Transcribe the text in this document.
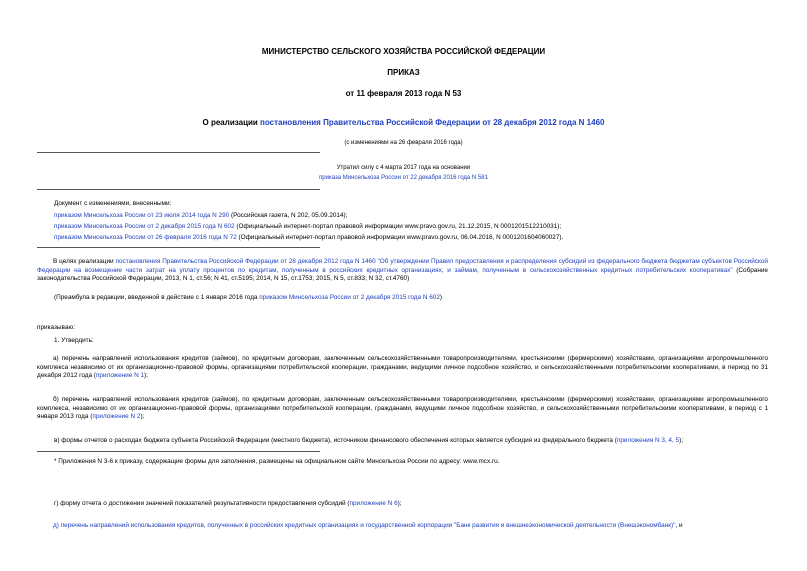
МИНИСТЕРСТВО СЕЛЬСКОГО ХОЗЯЙСТВА РОССИЙСКОЙ ФЕДЕРАЦИИ
ПРИКАЗ
от 11 февраля 2013 года N 53
О реализации постановления Правительства Российской Федерации от 28 декабря 2012 года N 1460
(с изменениями на 26 февраля 2016 года)
Утратил силу с 4 марта 2017 года на основании
приказа Минсельхоза России от 22 декабря 2016 года N 581
Документ с изменениями, внесенными:
приказом Минсельхоза России от 23 июля 2014 года N 290 (Российская газета, N 202, 05.09.2014);
приказом Минсельхоза России от 2 декабря 2015 года N 602 (Официальный интернет-портал правовой информации www.pravo.gov.ru, 21.12.2015, N 0001201512210031);
приказом Минсельхоза России от 26 февраля 2016 года N 72 (Официальный интернет-портал правовой информации www.pravo.gov.ru, 06.04.2016, N 0001201604060027).
В целях реализации постановления Правительства Российской Федерации от 28 декабря 2012 года N 1460 "Об утверждении Правил предоставления и распределения субсидий из федерального бюджета бюджетам субъектов Российской Федерации на возмещение части затрат на уплату процентов по кредитам, полученным в российских кредитных организациях, и займам, полученным в сельскохозяйственных кредитных потребительских кооперативах" (Собрание законодательства Российской Федерации, 2013, N 1, ст.56; N 41, ст.5195; 2014, N 15, ст.1753; 2015, N 5, ст.833; N 32, ст.4760)
(Преамбула в редакции, введенной в действие с 1 января 2016 года приказом Минсельхоза России от 2 декабря 2015 года N 602)
приказываю:
1. Утвердить:
а) перечень направлений использования кредитов (займов), по кредитным договорам, заключенным сельскохозяйственными товаропроизводителями, крестьянскими (фермерскими) хозяйствами, организациями агропромышленного комплекса независимо от их организационно-правовой формы, организациями потребительской кооперации, гражданами, ведущими личное подсобное хозяйство, и сельскохозяйственными потребительскими кооперативами, в период по 31 декабря 2012 года (приложение N 1);
б) перечень направлений использования кредитов (займов), по кредитным договорам, заключенным сельскохозяйственными товаропроизводителями, крестьянскими (фермерскими) хозяйствами, организациями агропромышленного комплекса, независимо от их организационно-правовой формы, организациями потребительской кооперации, гражданами, ведущими личное подсобное хозяйство, и сельскохозяйственными потребительскими кооперативами, в период с 1 января 2013 года (приложение N 2);
в) формы отчетов о расходах бюджета субъекта Российской Федерации (местного бюджета), источником финансового обеспечения которых является субсидия из федерального бюджета (приложения N 3, 4, 5);
* Приложения N 3-6 к приказу, содержащие формы для заполнения, размещены на официальном сайте Минсельхоза России по адресу: www.mcx.ru.
г) форму отчета о достижении значений показателей результативности предоставления субсидий (приложение N 6);
д) перечень направлений использования кредитов, полученных в российских кредитных организациях и государственной корпорации "Банк развития и внешнеэкономической деятельности (Внешэкономбанк)", и
